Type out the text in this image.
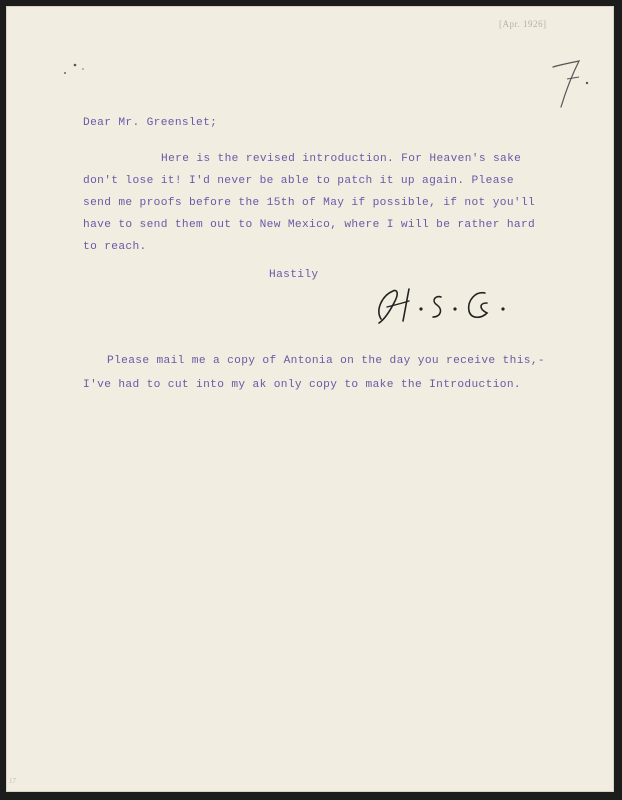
[Apr. 1926]
Dear Mr. Greenslet;
Here is the revised introduction. For Heaven's sake
don't lose it! I'd never be able to patch it up again. Please
send me proofs before the 15th of May if possible, if not you'll
have to send them out to New Mexico, where I will be rather hard
to reach.
Hastily
Please mail me a copy of Antonia on the day you receive this,-
I've had to cut into my ak only copy to make the Introduction.
17
